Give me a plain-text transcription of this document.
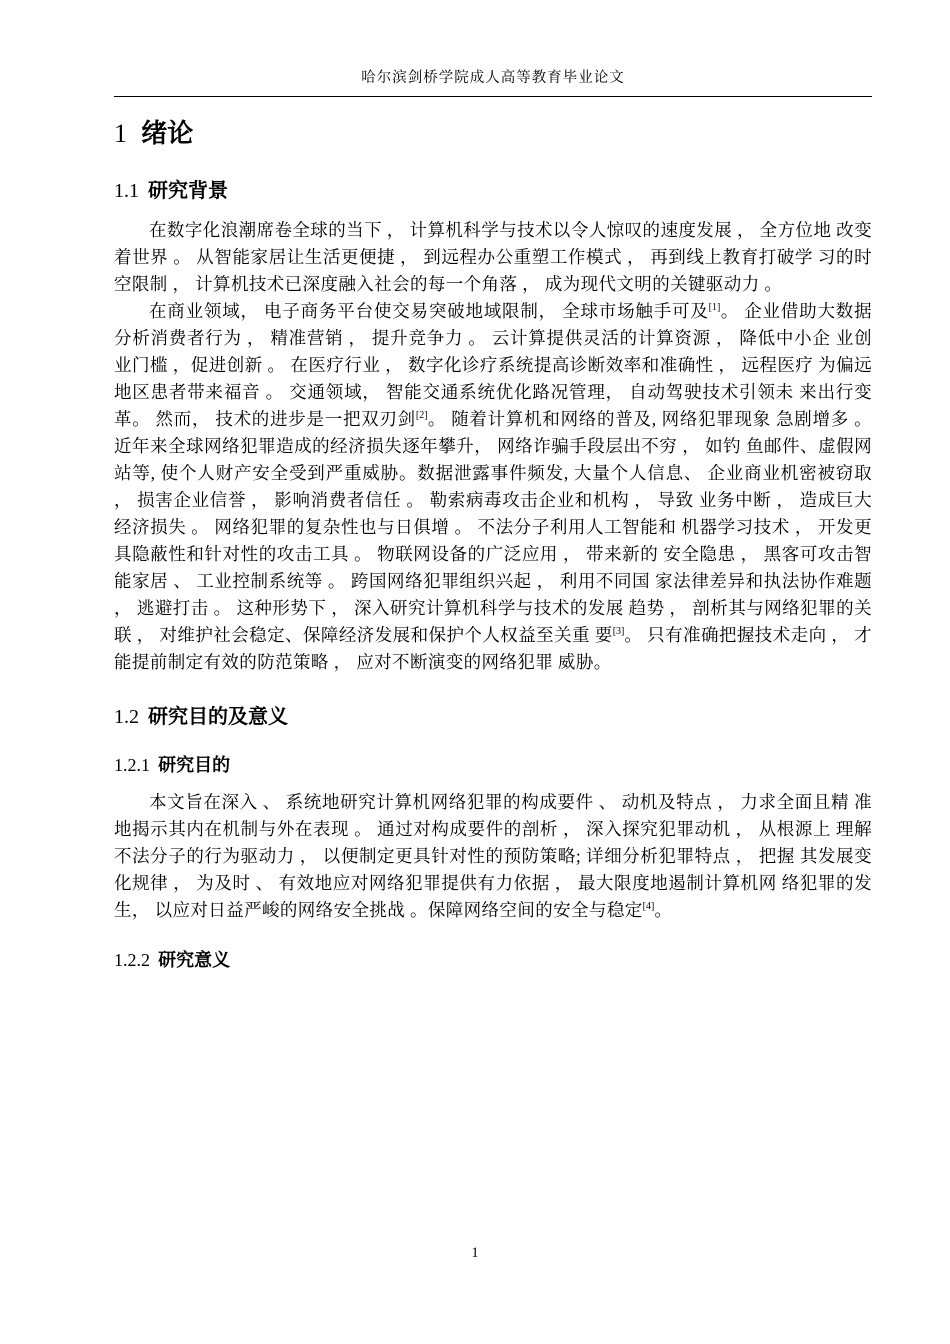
哈尔滨剑桥学院成人高等教育毕业论文
1 绪论
1.1 研究背景

在数字化浪潮席卷全球的当下 ， 计算机科学与技术以令人惊叹的速度发展 ， 全方位地 改变着世界 。 从智能家居让生活更便捷 ， 到远程办公重塑工作模式 ， 再到线上教育打破学 习的时空限制 ， 计算机技术已深度融入社会的每一个角落 ， 成为现代文明的关键驱动力 。

在商业领域， 电子商务平台使交易突破地域限制， 全球市场触手可及[1]。 企业借助大数据分析消费者行为 ， 精准营销 ， 提升竞争力 。 云计算提供灵活的计算资源 ， 降低中小企 业创业门槛 ，促进创新 。 在医疗行业 ， 数字化诊疗系统提高诊断效率和准确性 ， 远程医疗 为偏远地区患者带来福音 。 交通领域， 智能交通系统优化路况管理， 自动驾驶技术引领未 来出行变革。 然而， 技术的进步是一把双刃剑[2]。 随着计算机和网络的普及, 网络犯罪现象 急剧增多 。 近年来全球网络犯罪造成的经济损失逐年攀升， 网络诈骗手段层出不穷 ， 如钓 鱼邮件、虚假网站等, 使个人财产安全受到严重威胁。数据泄露事件频发, 大量个人信息、 企业商业机密被窃取 ， 损害企业信誉 ， 影响消费者信任 。 勒索病毒攻击企业和机构 ， 导致 业务中断 ， 造成巨大经济损失 。 网络犯罪的复杂性也与日俱增 。 不法分子利用人工智能和 机器学习技术 ， 开发更具隐蔽性和针对性的攻击工具 。 物联网设备的广泛应用 ， 带来新的 安全隐患 ， 黑客可攻击智能家居 、 工业控制系统等 。 跨国网络犯罪组织兴起 ， 利用不同国 家法律差异和执法协作难题 ， 逃避打击 。 这种形势下 ， 深入研究计算机科学与技术的发展 趋势 ， 剖析其与网络犯罪的关联 ， 对维护社会稳定、保障经济发展和保护个人权益至关重 要[3]。 只有准确把握技术走向 ， 才能提前制定有效的防范策略 ， 应对不断演变的网络犯罪 威胁。

1.2 研究目的及意义
1.2.1 研究目的

本文旨在深入 、 系统地研究计算机网络犯罪的构成要件 、 动机及特点 ， 力求全面且精 准地揭示其内在机制与外在表现 。 通过对构成要件的剖析 ， 深入探究犯罪动机 ， 从根源上 理解不法分子的行为驱动力 ， 以便制定更具针对性的预防策略; 详细分析犯罪特点 ， 把握 其发展变化规律 ， 为及时 、 有效地应对网络犯罪提供有力依据 ， 最大限度地遏制计算机网 络犯罪的发生， 以应对日益严峻的网络安全挑战 。保障网络空间的安全与稳定[4]。

1.2.2 研究意义
1
